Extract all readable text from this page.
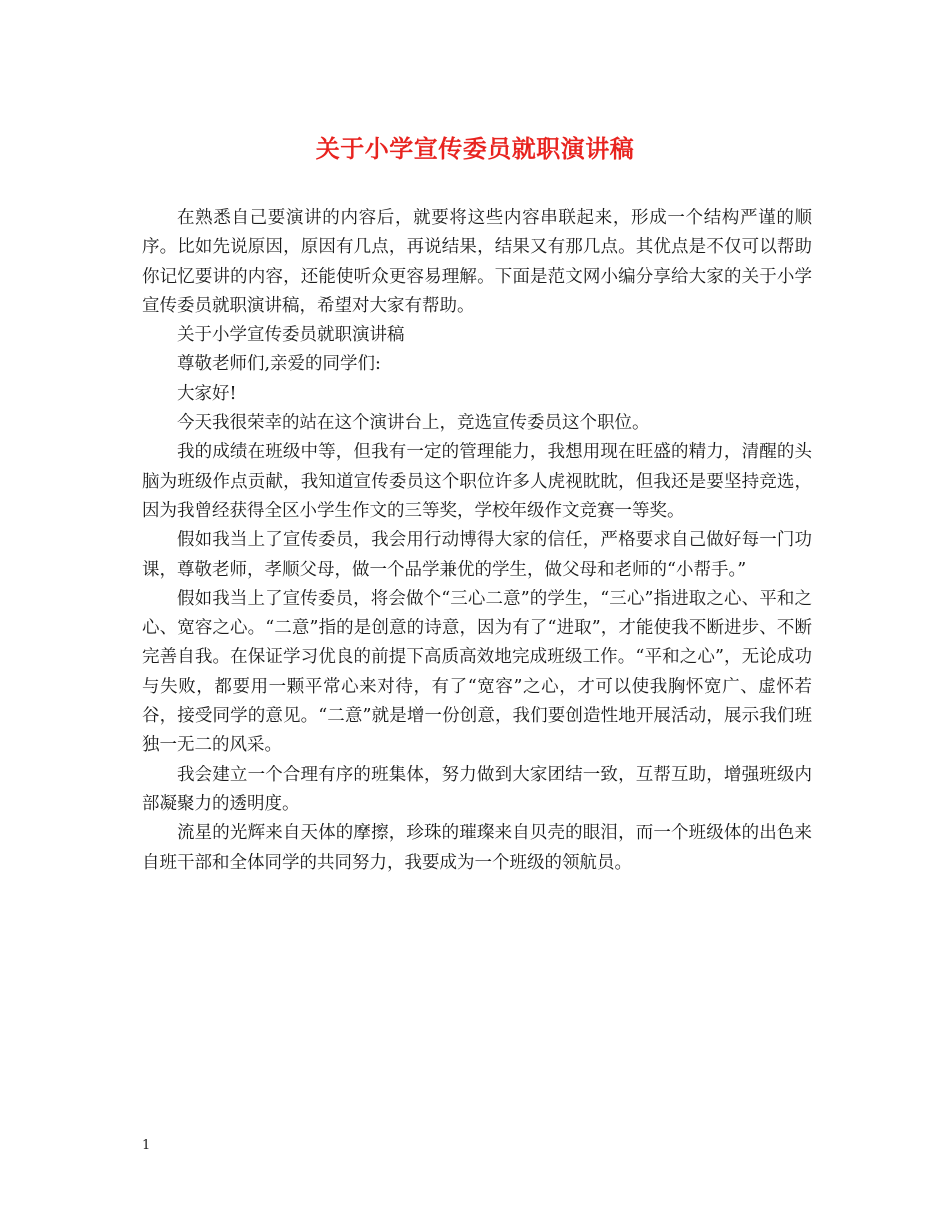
关于小学宣传委员就职演讲稿

在熟悉自己要演讲的内容后，就要将这些内容串联起来，形成一个结构严谨的顺序。比如先说原因，原因有几点，再说结果，结果又有那几点。其优点是不仅可以帮助你记忆要讲的内容，还能使听众更容易理解。下面是范文网小编分享给大家的关于小学宣传委员就职演讲稿，希望对大家有帮助。

关于小学宣传委员就职演讲稿

尊敬老师们,亲爱的同学们:

大家好!

今天我很荣幸的站在这个演讲台上，竞选宣传委员这个职位。

我的成绩在班级中等，但我有一定的管理能力，我想用现在旺盛的精力，清醒的头脑为班级作点贡献，我知道宣传委员这个职位许多人虎视眈眈，但我还是要坚持竞选，因为我曾经获得全区小学生作文的三等奖，学校年级作文竞赛一等奖。

假如我当上了宣传委员，我会用行动博得大家的信任，严格要求自己做好每一门功课，尊敬老师，孝顺父母，做一个品学兼优的学生，做父母和老师的“小帮手。”

假如我当上了宣传委员，将会做个“三心二意”的学生，“三心”指进取之心、平和之心、宽容之心。“二意”指的是创意的诗意，因为有了“进取”，才能使我不断进步、不断完善自我。在保证学习优良的前提下高质高效地完成班级工作。“平和之心”，无论成功与失败，都要用一颗平常心来对待，有了“宽容”之心，才可以使我胸怀宽广、虚怀若谷，接受同学的意见。“二意”就是增一份创意，我们要创造性地开展活动，展示我们班独一无二的风采。

我会建立一个合理有序的班集体，努力做到大家团结一致，互帮互助，增强班级内部凝聚力的透明度。

流星的光辉来自天体的摩擦，珍珠的璀璨来自贝壳的眼泪，而一个班级体的出色来自班干部和全体同学的共同努力，我要成为一个班级的领航员。

1
